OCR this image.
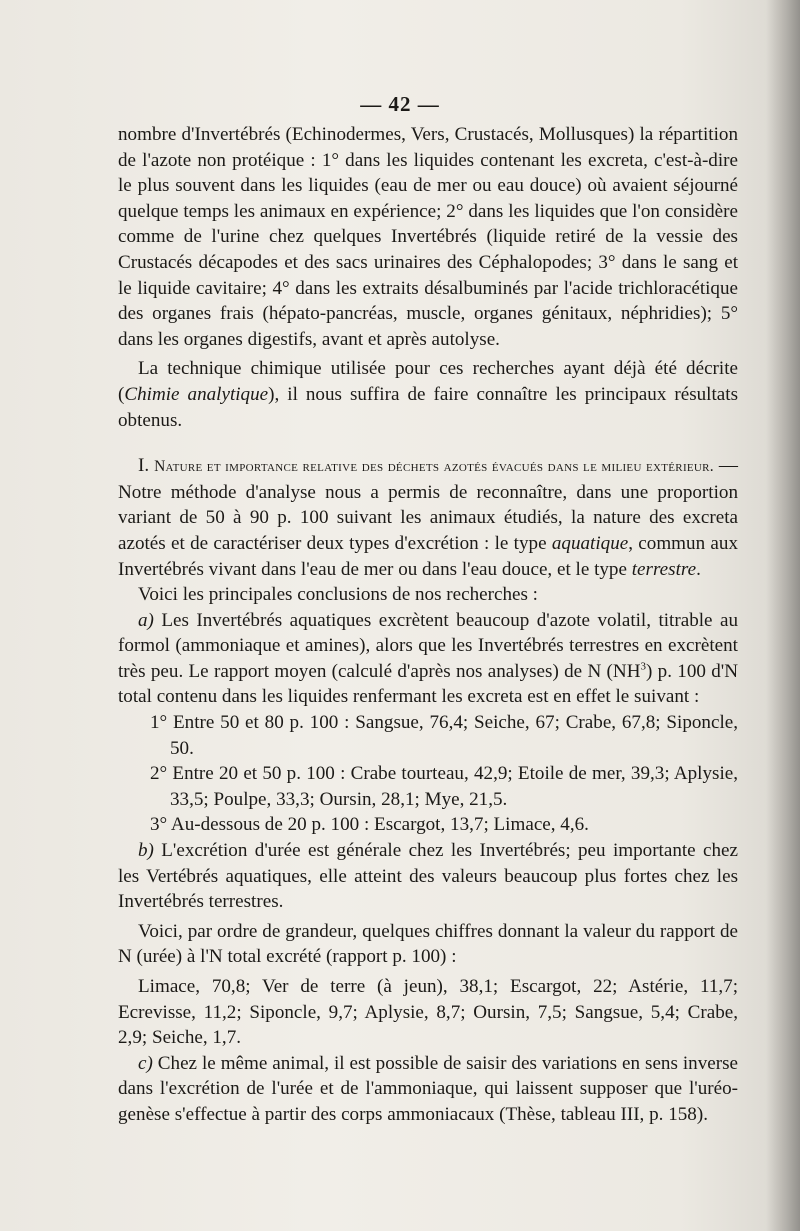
— 42 —

nombre d'Invertébrés (Echinodermes, Vers, Crustacés, Mollusques) la répartition de l'azote non protéique : 1° dans les liquides contenant les excreta, c'est-à-dire le plus souvent dans les liquides (eau de mer ou eau douce) où avaient séjourné quelque temps les animaux en expérience; 2° dans les liquides que l'on considère comme de l'urine chez quelques Invertébrés (liquide retiré de la vessie des Crustacés décapodes et des sacs urinaires des Céphalopodes; 3° dans le sang et le liquide cavitaire; 4° dans les extraits désalbuminés par l'acide trichloracétique des organes frais (hépato-pancréas, muscle, organes génitaux, néphridies); 5° dans les organes digestifs, avant et après autolyse.

La technique chimique utilisée pour ces recherches ayant déjà été décrite (Chimie analytique), il nous suffira de faire connaître les principaux résultats obtenus.

I. Nature et importance relative des déchets azotés évacués dans le milieu extérieur. — Notre méthode d'analyse nous a permis de reconnaître, dans une proportion variant de 50 à 90 p. 100 suivant les animaux étudiés, la nature des excreta azotés et de caractériser deux types d'excrétion : le type aquatique, commun aux Invertébrés vivant dans l'eau de mer ou dans l'eau douce, et le type terrestre.

Voici les principales conclusions de nos recherches :

a) Les Invertébrés aquatiques excrètent beaucoup d'azote volatil, titrable au formol (ammoniaque et amines), alors que les Invertébrés terrestres en excrètent très peu. Le rapport moyen (calculé d'après nos analyses) de N $(NH^3)$ p. 100 d'N total contenu dans les liquides renfermant les excreta est en effet le suivant :

1° Entre 50 et 80 p. 100 : Sangsue, 76,4; Seiche, 67; Crabe, 67,8; Siponcle, 50.

2° Entre 20 et 50 p. 100 : Crabe tourteau, 42,9; Etoile de mer, 39,3; Aplysie, 33,5; Poulpe, 33,3; Oursin, 28,1; Mye, 21,5.

3° Au-dessous de 20 p. 100 : Escargot, 13,7; Limace, 4,6.

b) L'excrétion d'urée est générale chez les Invertébrés; peu importante chez les Vertébrés aquatiques, elle atteint des valeurs beaucoup plus fortes chez les Invertébrés terrestres.

Voici, par ordre de grandeur, quelques chiffres donnant la valeur du rapport de N (urée) à l'N total excrété (rapport p. 100) :

Limace, 70,8; Ver de terre (à jeun), 38,1; Escargot, 22; Astérie, 11,7; Ecrevisse, 11,2; Siponcle, 9,7; Aplysie, 8,7; Oursin, 7,5; Sangsue, 5,4; Crabe, 2,9; Seiche, 1,7.

c) Chez le même animal, il est possible de saisir des variations en sens inverse dans l'excrétion de l'urée et de l'ammoniaque, qui laissent supposer que l'uréo-genèse s'effectue à partir des corps ammoniacaux (Thèse, tableau III, p. 158).
